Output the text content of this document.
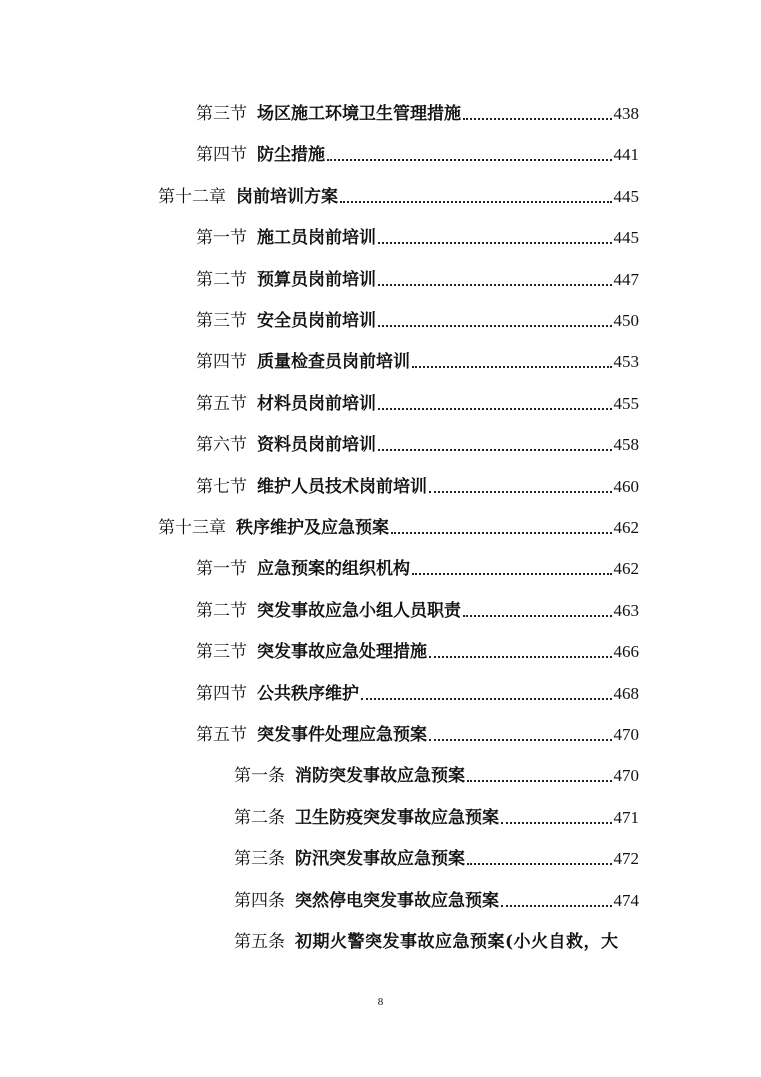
第三节 场区施工环境卫生管理措施	438
第四节 防尘措施	441
第十二章 岗前培训方案	445
第一节 施工员岗前培训	445
第二节 预算员岗前培训	447
第三节 安全员岗前培训	450
第四节 质量检查员岗前培训	453
第五节 材料员岗前培训	455
第六节 资料员岗前培训	458
第七节 维护人员技术岗前培训	460
第十三章 秩序维护及应急预案	462
第一节 应急预案的组织机构	462
第二节 突发事故应急小组人员职责	463
第三节 突发事故应急处理措施	466
第四节 公共秩序维护	468
第五节 突发事件处理应急预案	470
第一条 消防突发事故应急预案	470
第二条 卫生防疫突发事故应急预案	471
第三条 防汛突发事故应急预案	472
第四条 突然停电突发事故应急预案	474
第五条 初期火警突发事故应急预案(小火自救，大
8
